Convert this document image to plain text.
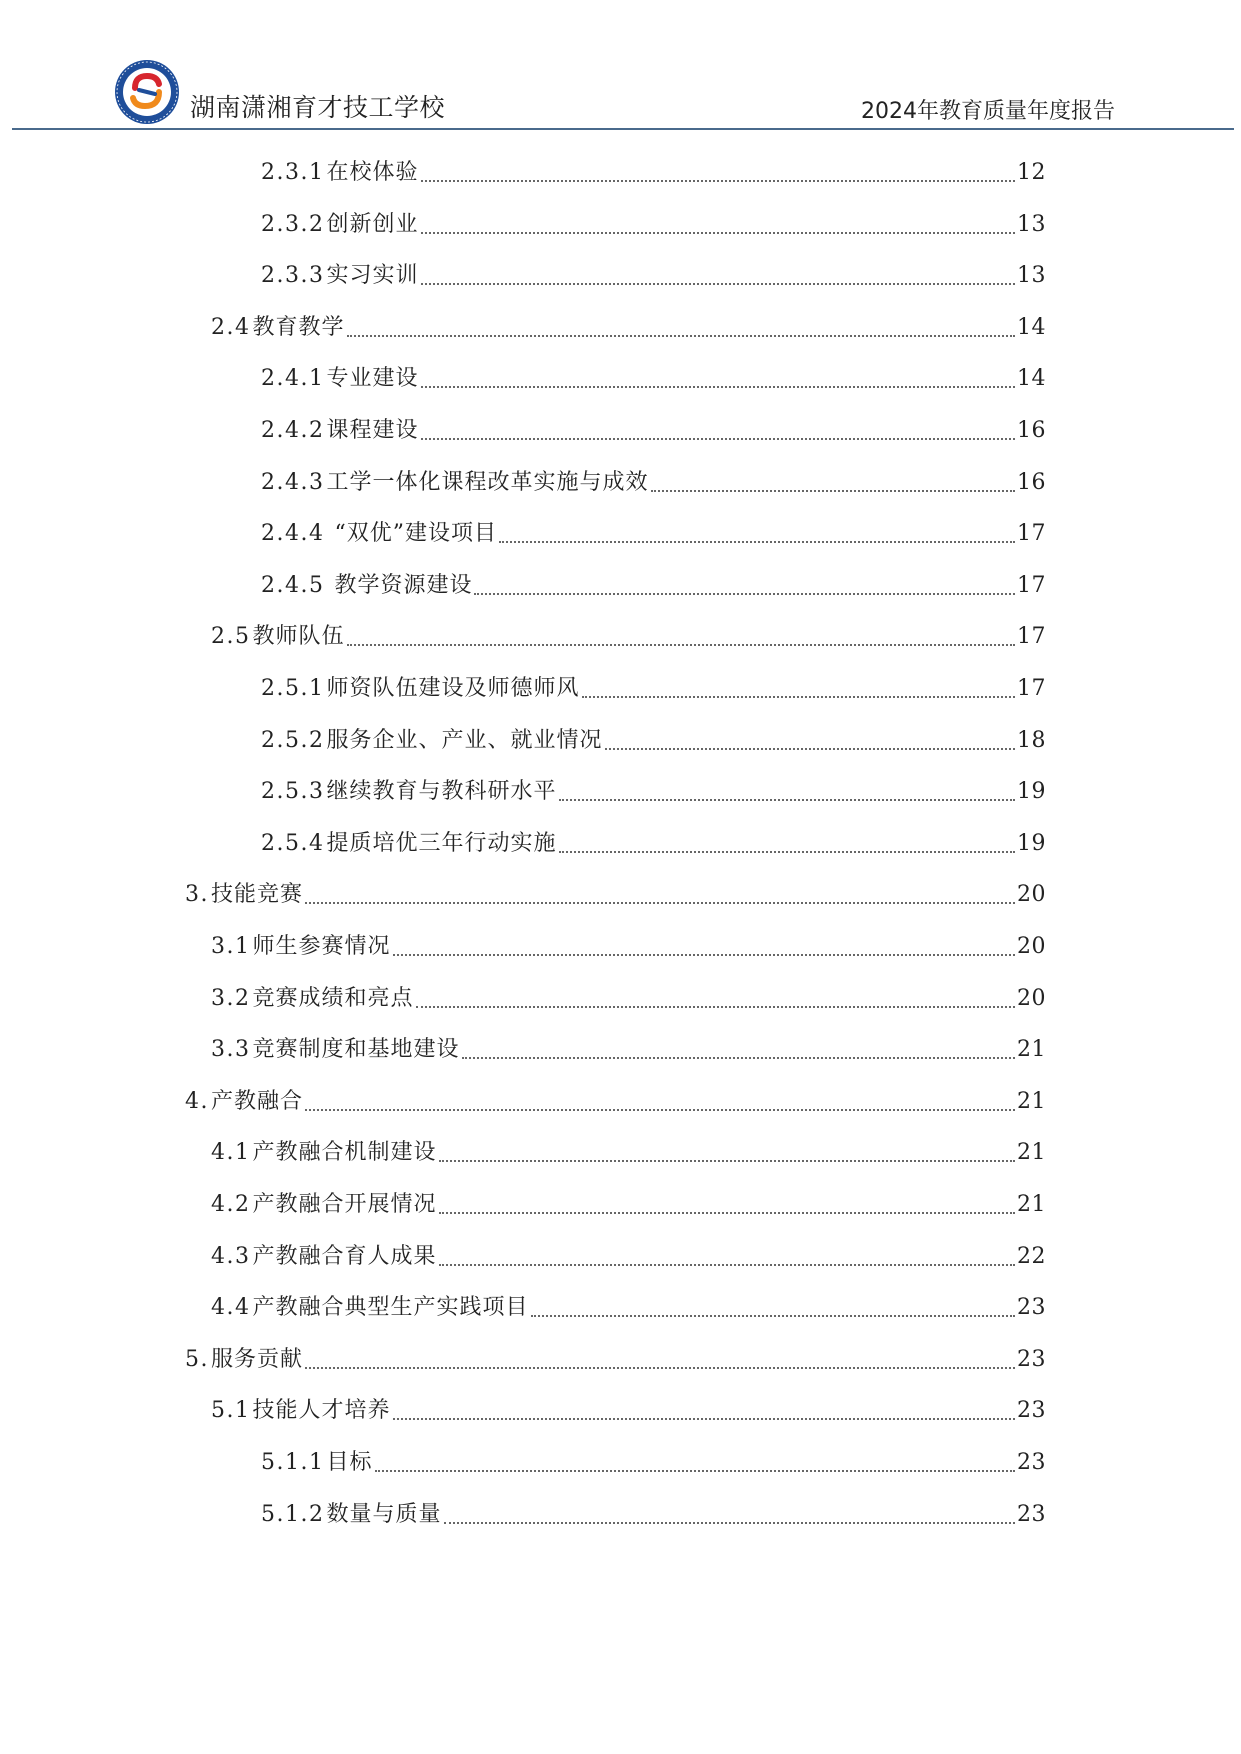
湖南潇湘育才技工学校	2024年教育质量年度报告
2.3.1 在校体验	12
2.3.2 创新创业	13
2.3.3 实习实训	13
2.4 教育教学	14
2.4.1 专业建设	14
2.4.2 课程建设	16
2.4.3 工学一体化课程改革实施与成效	16
2.4.4 “双优”建设项目	17
2.4.5 教学资源建设	17
2.5 教师队伍	17
2.5.1 师资队伍建设及师德师风	17
2.5.2 服务企业、产业、就业情况	18
2.5.3 继续教育与教科研水平	19
2.5.4 提质培优三年行动实施	19
3. 技能竞赛	20
3.1 师生参赛情况	20
3.2 竞赛成绩和亮点	20
3.3 竞赛制度和基地建设	21
4. 产教融合	21
4.1 产教融合机制建设	21
4.2 产教融合开展情况	21
4.3 产教融合育人成果	22
4.4 产教融合典型生产实践项目	23
5. 服务贡献	23
5.1 技能人才培养	23
5.1.1 目标	23
5.1.2 数量与质量	23
